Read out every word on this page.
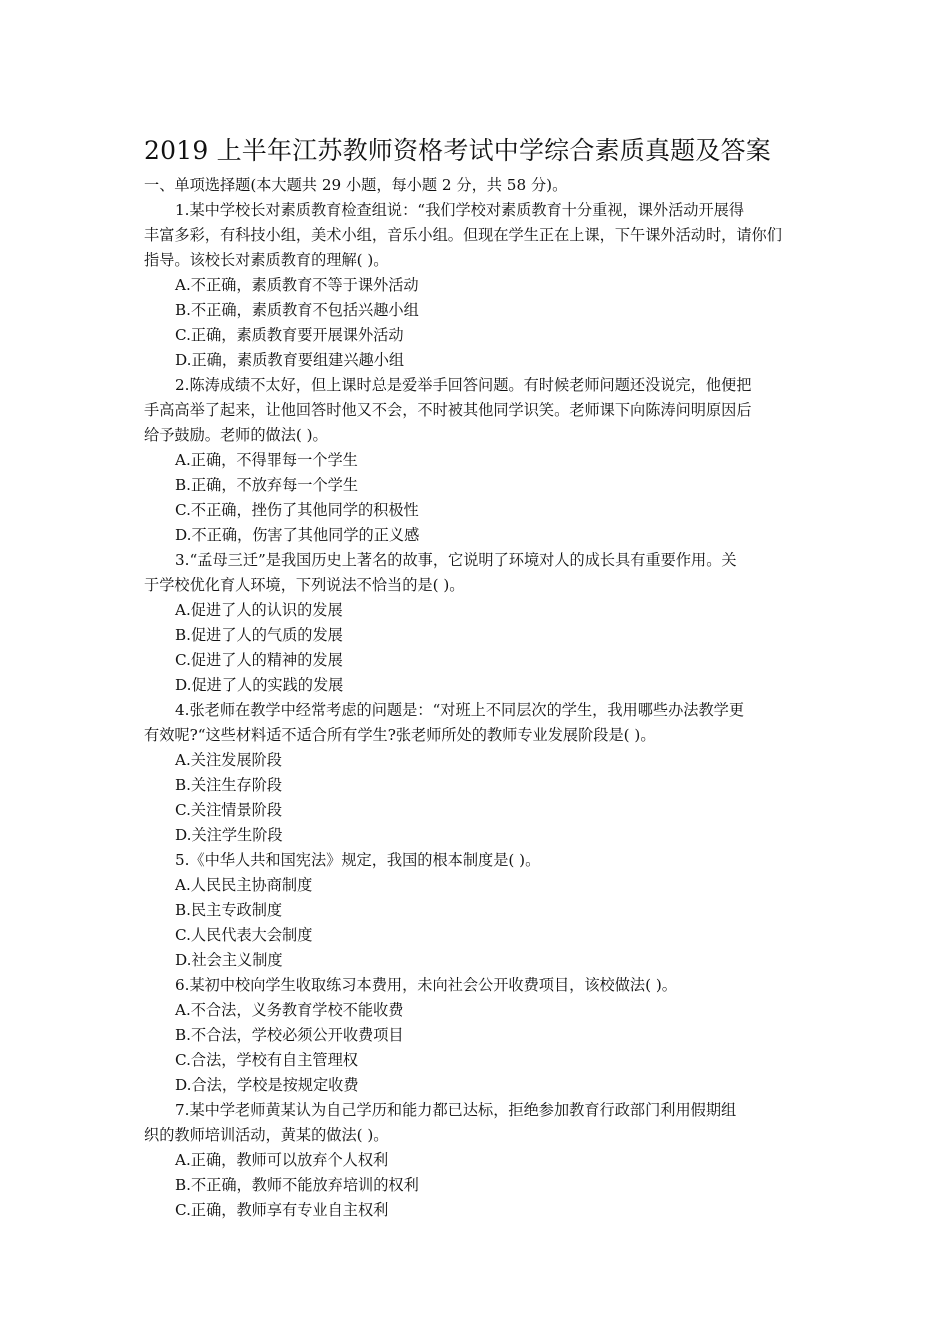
2019 上半年江苏教师资格考试中学综合素质真题及答案
一、单项选择题(本大题共 29 小题，每小题 2 分，共 58 分)。
1.某中学校长对素质教育检查组说：“我们学校对素质教育十分重视，课外活动开展得
丰富多彩，有科技小组，美术小组，音乐小组。但现在学生正在上课，下午课外活动时，请你们
指导。该校长对素质教育的理解( )。
A.不正确，素质教育不等于课外活动
B.不正确，素质教育不包括兴趣小组
C.正确，素质教育要开展课外活动
D.正确，素质教育要组建兴趣小组
2.陈涛成绩不太好，但上课时总是爱举手回答问题。有时候老师问题还没说完，他便把
手高高举了起来，让他回答时他又不会，不时被其他同学识笑。老师课下向陈涛问明原因后
给予鼓励。老师的做法( )。
A.正确，不得罪每一个学生
B.正确，不放弃每一个学生
C.不正确，挫伤了其他同学的积极性
D.不正确，伤害了其他同学的正义感
3.“孟母三迁”是我国历史上著名的故事，它说明了环境对人的成长具有重要作用。关
于学校优化育人环境，下列说法不恰当的是( )。
A.促进了人的认识的发展
B.促进了人的气质的发展
C.促进了人的精神的发展
D.促进了人的实践的发展
4.张老师在教学中经常考虑的问题是：“对班上不同层次的学生，我用哪些办法教学更
有效呢?“这些材料适不适合所有学生?张老师所处的教师专业发展阶段是( )。
A.关注发展阶段
B.关注生存阶段
C.关注情景阶段
D.关注学生阶段
5.《中华人共和国宪法》规定，我国的根本制度是( )。
A.人民民主协商制度
B.民主专政制度
C.人民代表大会制度
D.社会主义制度
6.某初中校向学生收取练习本费用，未向社会公开收费项目，该校做法( )。
A.不合法，义务教育学校不能收费
B.不合法，学校必须公开收费项目
C.合法，学校有自主管理权
D.合法，学校是按规定收费
7.某中学老师黄某认为自己学历和能力都已达标，拒绝参加教育行政部门利用假期组
织的教师培训活动，黄某的做法( )。
A.正确，教师可以放弃个人权利
B.不正确，教师不能放弃培训的权利
C.正确，教师享有专业自主权利
